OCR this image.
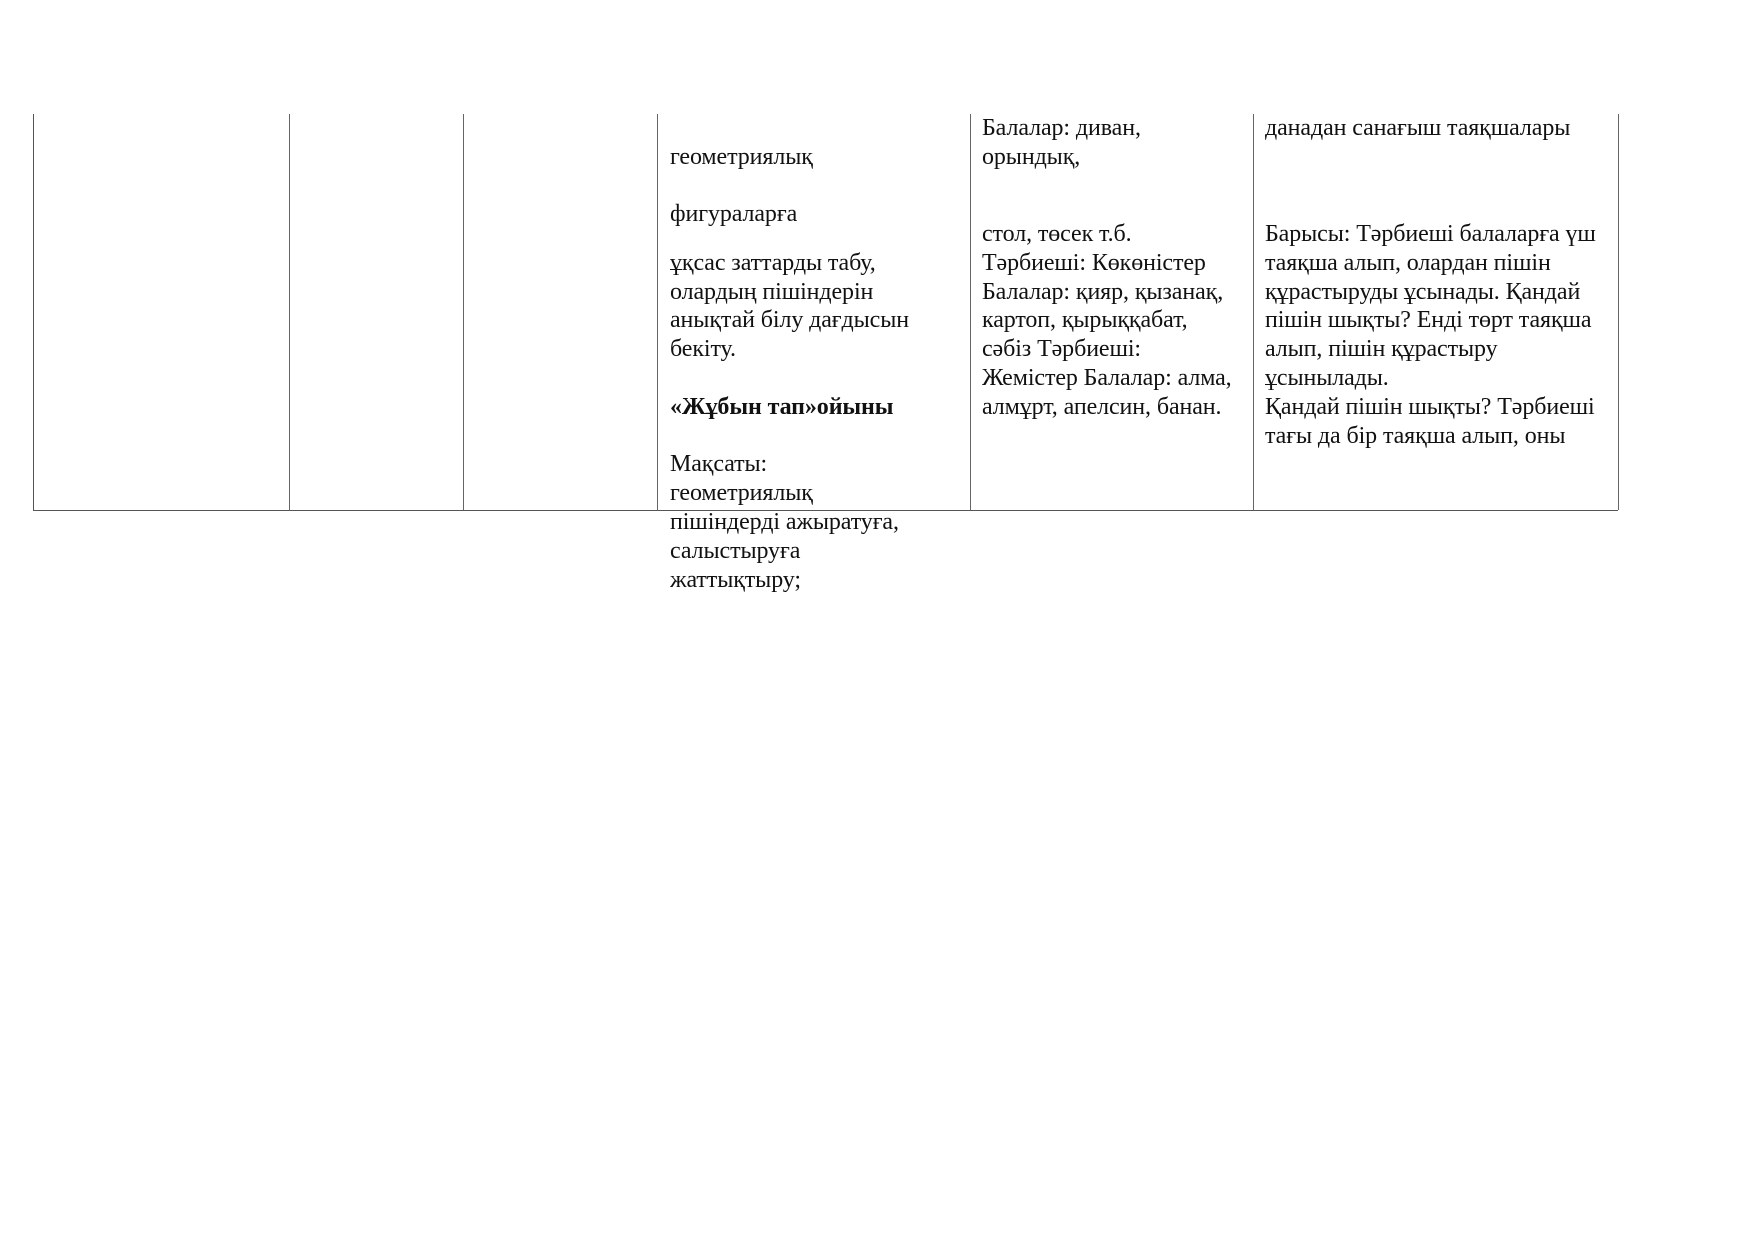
геометриялық

фигураларға

ұқсас заттарды табу,
олардың пішіндерін
анықтай білу дағдысын
бекіту.

«Жұбын тап»ойыны

Мақсаты:
геометриялық
пішіндерді ажыратуға,
салыстыруға
жаттықтыру;

Балалар: диван,
орындық,
стол, төсек т.б.
Тәрбиеші: Көкөністер
Балалар: қияр, қызанақ,
картоп, қырыққабат,
сәбіз Тәрбиеші:
Жемістер Балалар: алма,
алмұрт, апелсин, банан.
данадан санағыш таяқшалары
Барысы: Тәрбиеші балаларға үш
таяқша алып, олардан пішін
құрастыруды ұсынады. Қандай
пішін шықты? Енді төрт таяқша
алып, пішін құрастыру
ұсынылады.
Қандай пішін шықты? Тәрбиеші
тағы да бір таяқша алып, оны
